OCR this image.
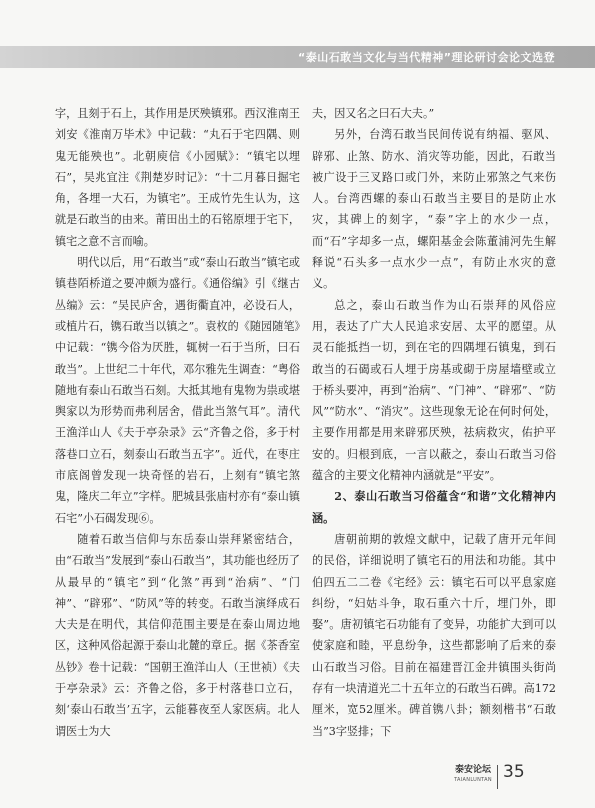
“泰山石敢当文化与当代精神”理论研讨会论文选登

字，且刻于石上，其作用是厌殃镇邪。西汉淮南王刘安《淮南万毕术》中记载：“丸石于宅四隅、则鬼无能殃也”。北朝庾信《小园赋》：“镇宅以埋石”，吴兆宜注《荆楚岁时记》：“十二月暮日掘宅角，各埋一大石，为镇宅”。王成竹先生认为，这就是石敢当的由来。莆田出土的石铭原埋于宅下，镇宅之意不言而喻。

明代以后，用“石敢当”或“泰山石敢当”镇宅或镇巷陌桥道之要冲颇为盛行。《通俗编》引《继古丛编》云：“吴民庐舍，遇街衢直冲，必设石人，或植片石，镌石敢当以镇之”。袁枚的《随园随笔》中记载：“镌今俗为厌胜，辄树一石于当所，曰石敢当”。上世纪二十年代，邓尔雅先生调查：“粤俗随地有泰山石敢当石刻。大抵其地有鬼物为祟或堪舆家以为形势而弗利居舍，借此当煞气耳”。清代王渔洋山人《夫于亭杂录》云“齐鲁之俗，多于村落巷口立石，刻泰山石敢当五字”。近代，在枣庄市底阁曾发现一块奇怪的岩石，上刻有“镇宅煞鬼，隆庆二年立”字样。肥城县张庙村亦有“泰山镇石宅”小石碣发现⑥。

随着石敢当信仰与东岳泰山崇拜紧密结合，由“石敢当”发展到“泰山石敢当”，其功能也经历了从最早的“镇宅”到“化煞”再到“治病”、“门神”、“辟邪”、“防风”等的转变。石敢当演绎成石大夫是在明代，其信仰范围主要是在泰山周边地区，这种风俗起源于泰山北麓的章丘。据《茶香室丛钞》卷十记载：“国朝王渔洋山人（王世祯）《夫于亭杂录》云：齐鲁之俗，多于村落巷口立石，刻‘泰山石敢当’五字，云能暮夜至人家医病。北人谓医士为大

夫，因又名之曰石大夫。”

另外，台湾石敢当民间传说有纳福、驱风、辟邪、止煞、防水、消灾等功能，因此，石敢当被广设于三叉路口或门外，来防止邪煞之气来伤人。台湾西螺的泰山石敢当主要目的是防止水灾，其碑上的刻字，“泰”字上的水少一点，而“石”字却多一点，螺阳基金会陈董浦河先生解释说“石头多一点水少一点”，有防止水灾的意义。

总之，泰山石敢当作为山石崇拜的风俗应用，表达了广大人民追求安居、太平的愿望。从灵石能抵挡一切，到在宅的四隅埋石镇鬼，到石敢当的石碣或石人埋于房基或砌于房屋墙壁或立于桥头要冲，再到“治病”、“门神”、“辟邪”、“防风”“防水”、“消灾”。这些现象无论在何时何处，主要作用都是用来辟邪厌殃，祛病救灾，佑护平安的。归根到底，一言以蔽之，泰山石敢当习俗蕴含的主要文化精神内涵就是“平安”。

2、泰山石敢当习俗蕴含“和谐”文化精神内涵。

唐朝前期的敦煌文献中，记载了唐开元年间的民俗，详细说明了镇宅石的用法和功能。其中伯四五二二卷《宅经》云：镇宅石可以平息家庭纠纷，“妇姑斗争，取石重六十斤，埋门外，即娶”。唐初镇宅石功能有了变异，功能扩大到可以使家庭和睦，平息纷争，这些都影响了后来的泰山石敢当习俗。目前在福建晋江金井镇围头街尚存有一块清道光二十五年立的石敢当石碑。高172厘米，宽52厘米。碑首镌八卦；额刻楷书“石敢当”3字竖排；下

泰安论坛
TAIANLUNTAN 35
